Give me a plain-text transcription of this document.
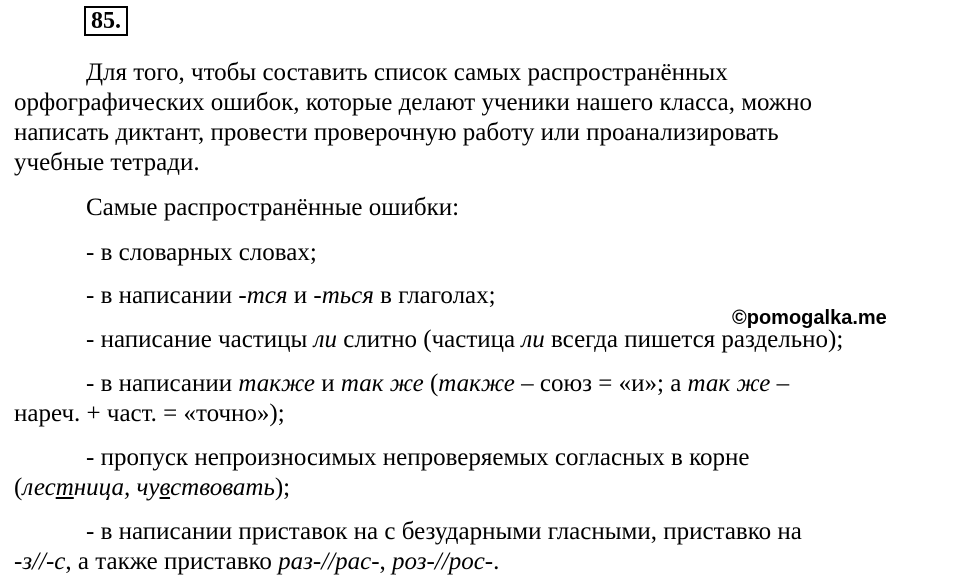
85.
Для того, чтобы составить список самых распространённых
орфографических ошибок, которые делают ученики нашего класса, можно
написать диктант, провести проверочную работу или проанализировать
учебные тетради.
Самые распространённые ошибки:
- в словарных словах;
- в написании -тся и -ться в глаголах;
- написание частицы ли слитно (частица ли всегда пишется раздельно);
- в написании также и так же (также – союз = «и»; а так же –
нареч. + част. = «точно»);
- пропуск непроизносимых непроверяемых согласных в корне
(лестница, чувствовать);
- в написании приставок на с безударными гласными, приставко на
-з//-с, а также приставко раз-//рас-, роз-//рос-.
©pomogalka.me
